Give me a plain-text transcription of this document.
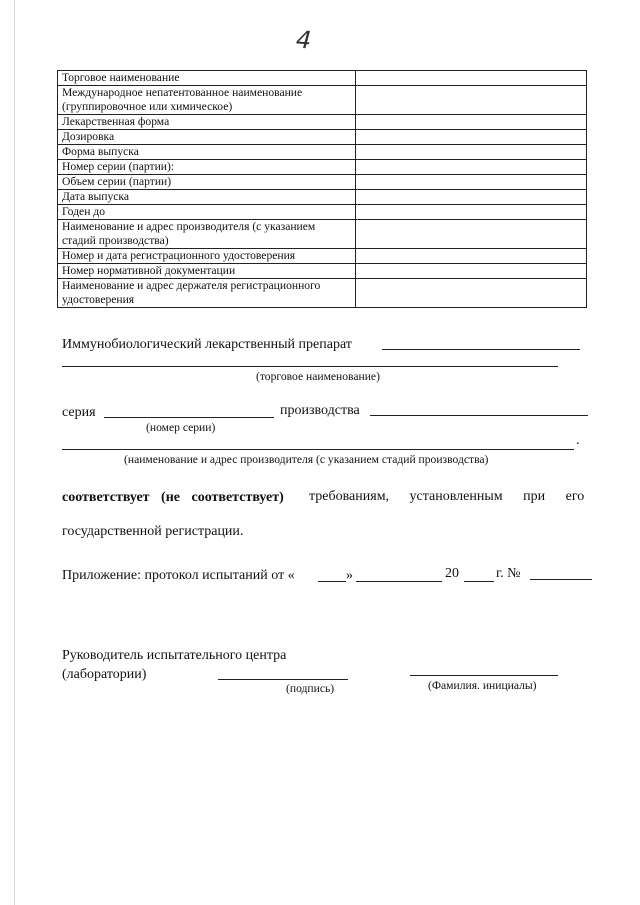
4
Торговое наименование	
Международное непатентованное наименование (группировочное или химическое)	
Лекарственная форма	
Дозировка	
Форма выпуска	
Номер серии (партии):	
Объем серии (партии)	
Дата выпуска	
Годен до	
Наименование и адрес производителя (с указанием стадий производства)	
Номер и дата регистрационного удостоверения	
Номер нормативной документации	
Наименование и адрес держателя регистрационного удостоверения	
Иммунобиологический лекарственный препарат
(торговое наименование)
серия	производства
(номер серии)
.
(наименование и адрес производителя (с указанием стадий производства)
соответствует (не соответствует) требованиям, установленным при его
государственной регистрации.
Приложение: протокол испытаний от «	»	20	г. №
Руководитель испытательного центра
(лаборатории)
(подпись)	(Фамилия. инициалы)
